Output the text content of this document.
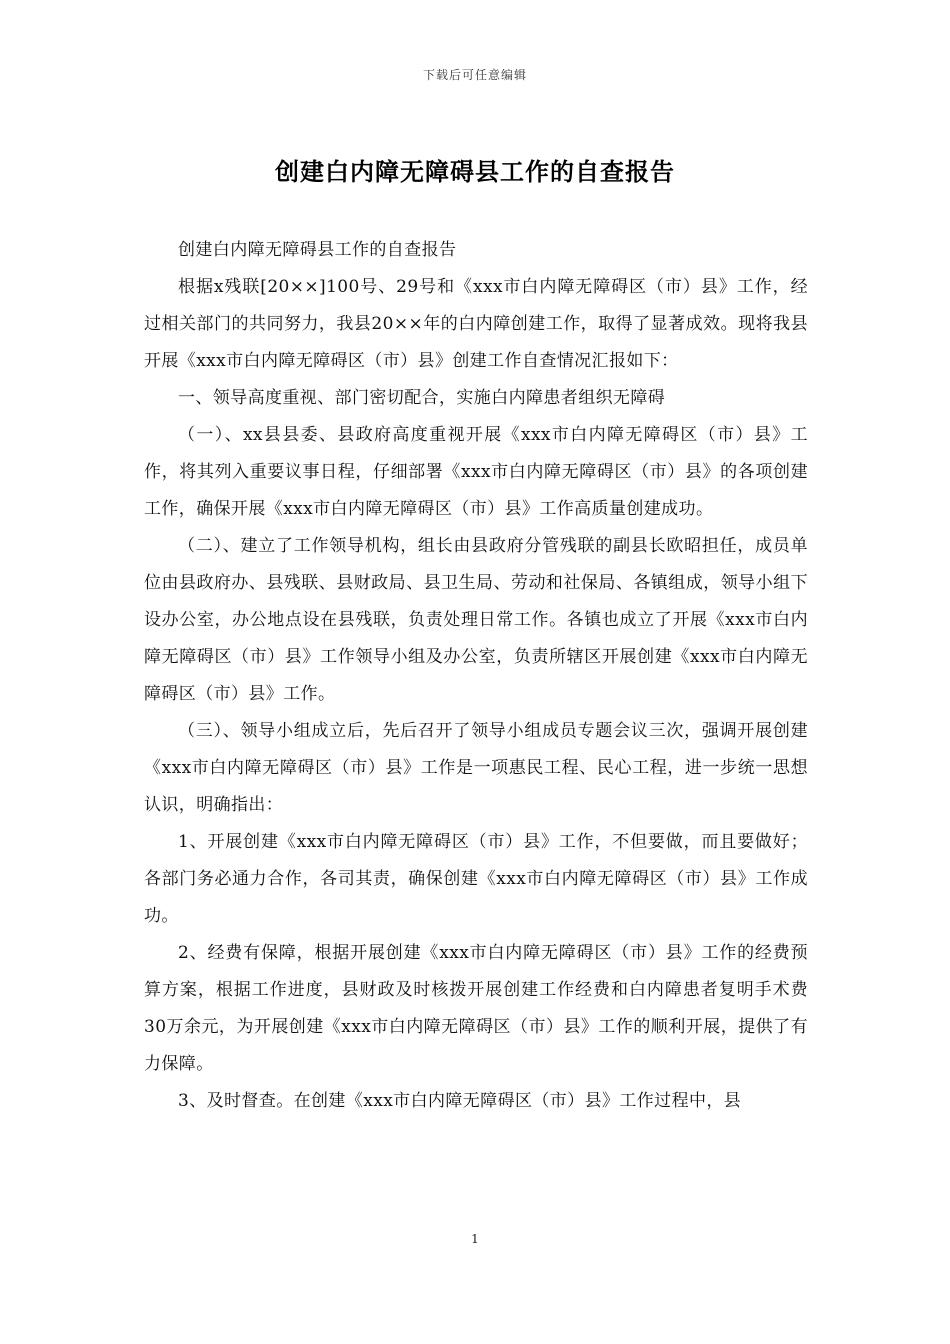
下载后可任意编辑
创建白内障无障碍县工作的自查报告

创建白内障无障碍县工作的自查报告

根据x残联[20××]100号、29号和《xxx市白内障无障碍区（市）县》工作，经过相关部门的共同努力，我县20××年的白内障创建工作，取得了显著成效。现将我县开展《xxx市白内障无障碍区（市）县》创建工作自查情况汇报如下：

一、领导高度重视、部门密切配合，实施白内障患者组织无障碍

（一）、xx县县委、县政府高度重视开展《xxx市白内障无障碍区（市）县》工作，将其列入重要议事日程，仔细部署《xxx市白内障无障碍区（市）县》的各项创建工作，确保开展《xxx市白内障无障碍区（市）县》工作高质量创建成功。

（二）、建立了工作领导机构，组长由县政府分管残联的副县长欧昭担任，成员单位由县政府办、县残联、县财政局、县卫生局、劳动和社保局、各镇组成，领导小组下设办公室，办公地点设在县残联，负责处理日常工作。各镇也成立了开展《xxx市白内障无障碍区（市）县》工作领导小组及办公室，负责所辖区开展创建《xxx市白内障无障碍区（市）县》工作。

（三）、领导小组成立后，先后召开了领导小组成员专题会议三次，强调开展创建《xxx市白内障无障碍区（市）县》工作是一项惠民工程、民心工程，进一步统一思想认识，明确指出：

1、开展创建《xxx市白内障无障碍区（市）县》工作，不但要做，而且要做好；各部门务必通力合作，各司其责，确保创建《xxx市白内障无障碍区（市）县》工作成功。

2、经费有保障，根据开展创建《xxx市白内障无障碍区（市）县》工作的经费预算方案，根据工作进度，县财政及时核拨开展创建工作经费和白内障患者复明手术费30万余元，为开展创建《xxx市白内障无障碍区（市）县》工作的顺利开展，提供了有力保障。

3、及时督查。在创建《xxx市白内障无障碍区（市）县》工作过程中，县

1
